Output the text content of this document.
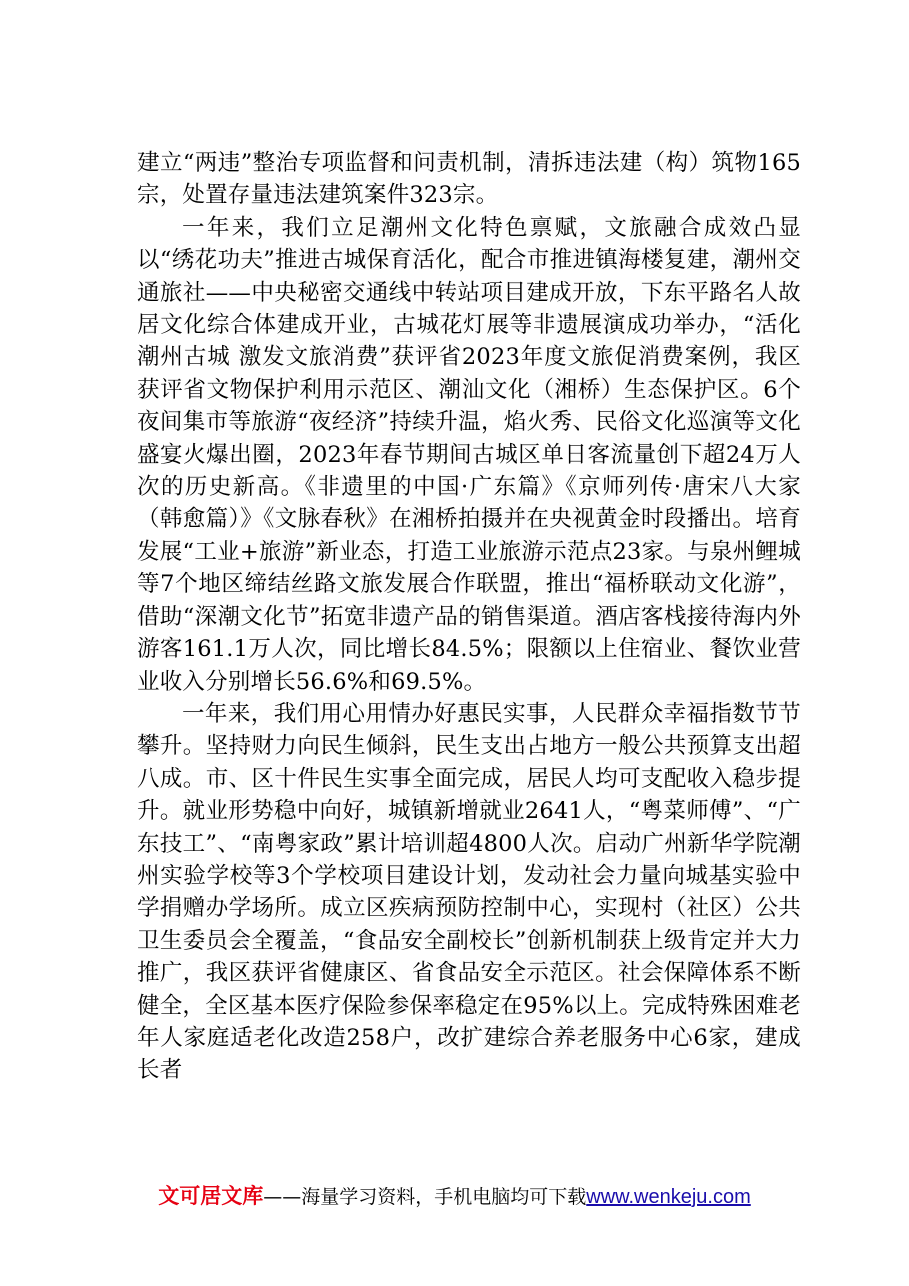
建立“两违”整治专项监督和问责机制，清拆违法建（构）筑物165宗，处置存量违法建筑案件323宗。

一年来，我们立足潮州文化特色禀赋，文旅融合成效凸显以“绣花功夫”推进古城保育活化，配合市推进镇海楼复建，潮州交通旅社——中央秘密交通线中转站项目建成开放，下东平路名人故居文化综合体建成开业，古城花灯展等非遗展演成功举办，“活化潮州古城 激发文旅消费”获评省2023年度文旅促消费案例，我区获评省文物保护利用示范区、潮汕文化（湘桥）生态保护区。6个夜间集市等旅游“夜经济”持续升温，焰火秀、民俗文化巡演等文化盛宴火爆出圈，2023年春节期间古城区单日客流量创下超24万人次的历史新高。《非遗里的中国·广东篇》《京师列传·唐宋八大家（韩愈篇）》《文脉春秋》在湘桥拍摄并在央视黄金时段播出。培育发展“工业+旅游”新业态，打造工业旅游示范点23家。与泉州鲤城等7个地区缔结丝路文旅发展合作联盟，推出“福桥联动文化游”，借助“深潮文化节”拓宽非遗产品的销售渠道。酒店客栈接待海内外游客161.1万人次，同比增长84.5%；限额以上住宿业、餐饮业营业收入分别增长56.6%和69.5%。

一年来，我们用心用情办好惠民实事，人民群众幸福指数节节攀升。坚持财力向民生倾斜，民生支出占地方一般公共预算支出超八成。市、区十件民生实事全面完成，居民人均可支配收入稳步提升。就业形势稳中向好，城镇新增就业2641人，“粤菜师傅”、“广东技工”、“南粤家政”累计培训超4800人次。启动广州新华学院潮州实验学校等3个学校项目建设计划，发动社会力量向城基实验中学捐赠办学场所。成立区疾病预防控制中心，实现村（社区）公共卫生委员会全覆盖，“食品安全副校长”创新机制获上级肯定并大力推广，我区获评省健康区、省食品安全示范区。社会保障体系不断健全，全区基本医疗保险参保率稳定在95%以上。完成特殊困难老年人家庭适老化改造258户，改扩建综合养老服务中心6家，建成长者

文可居文库——海量学习资料，手机电脑均可下载www.wenkeju.com
